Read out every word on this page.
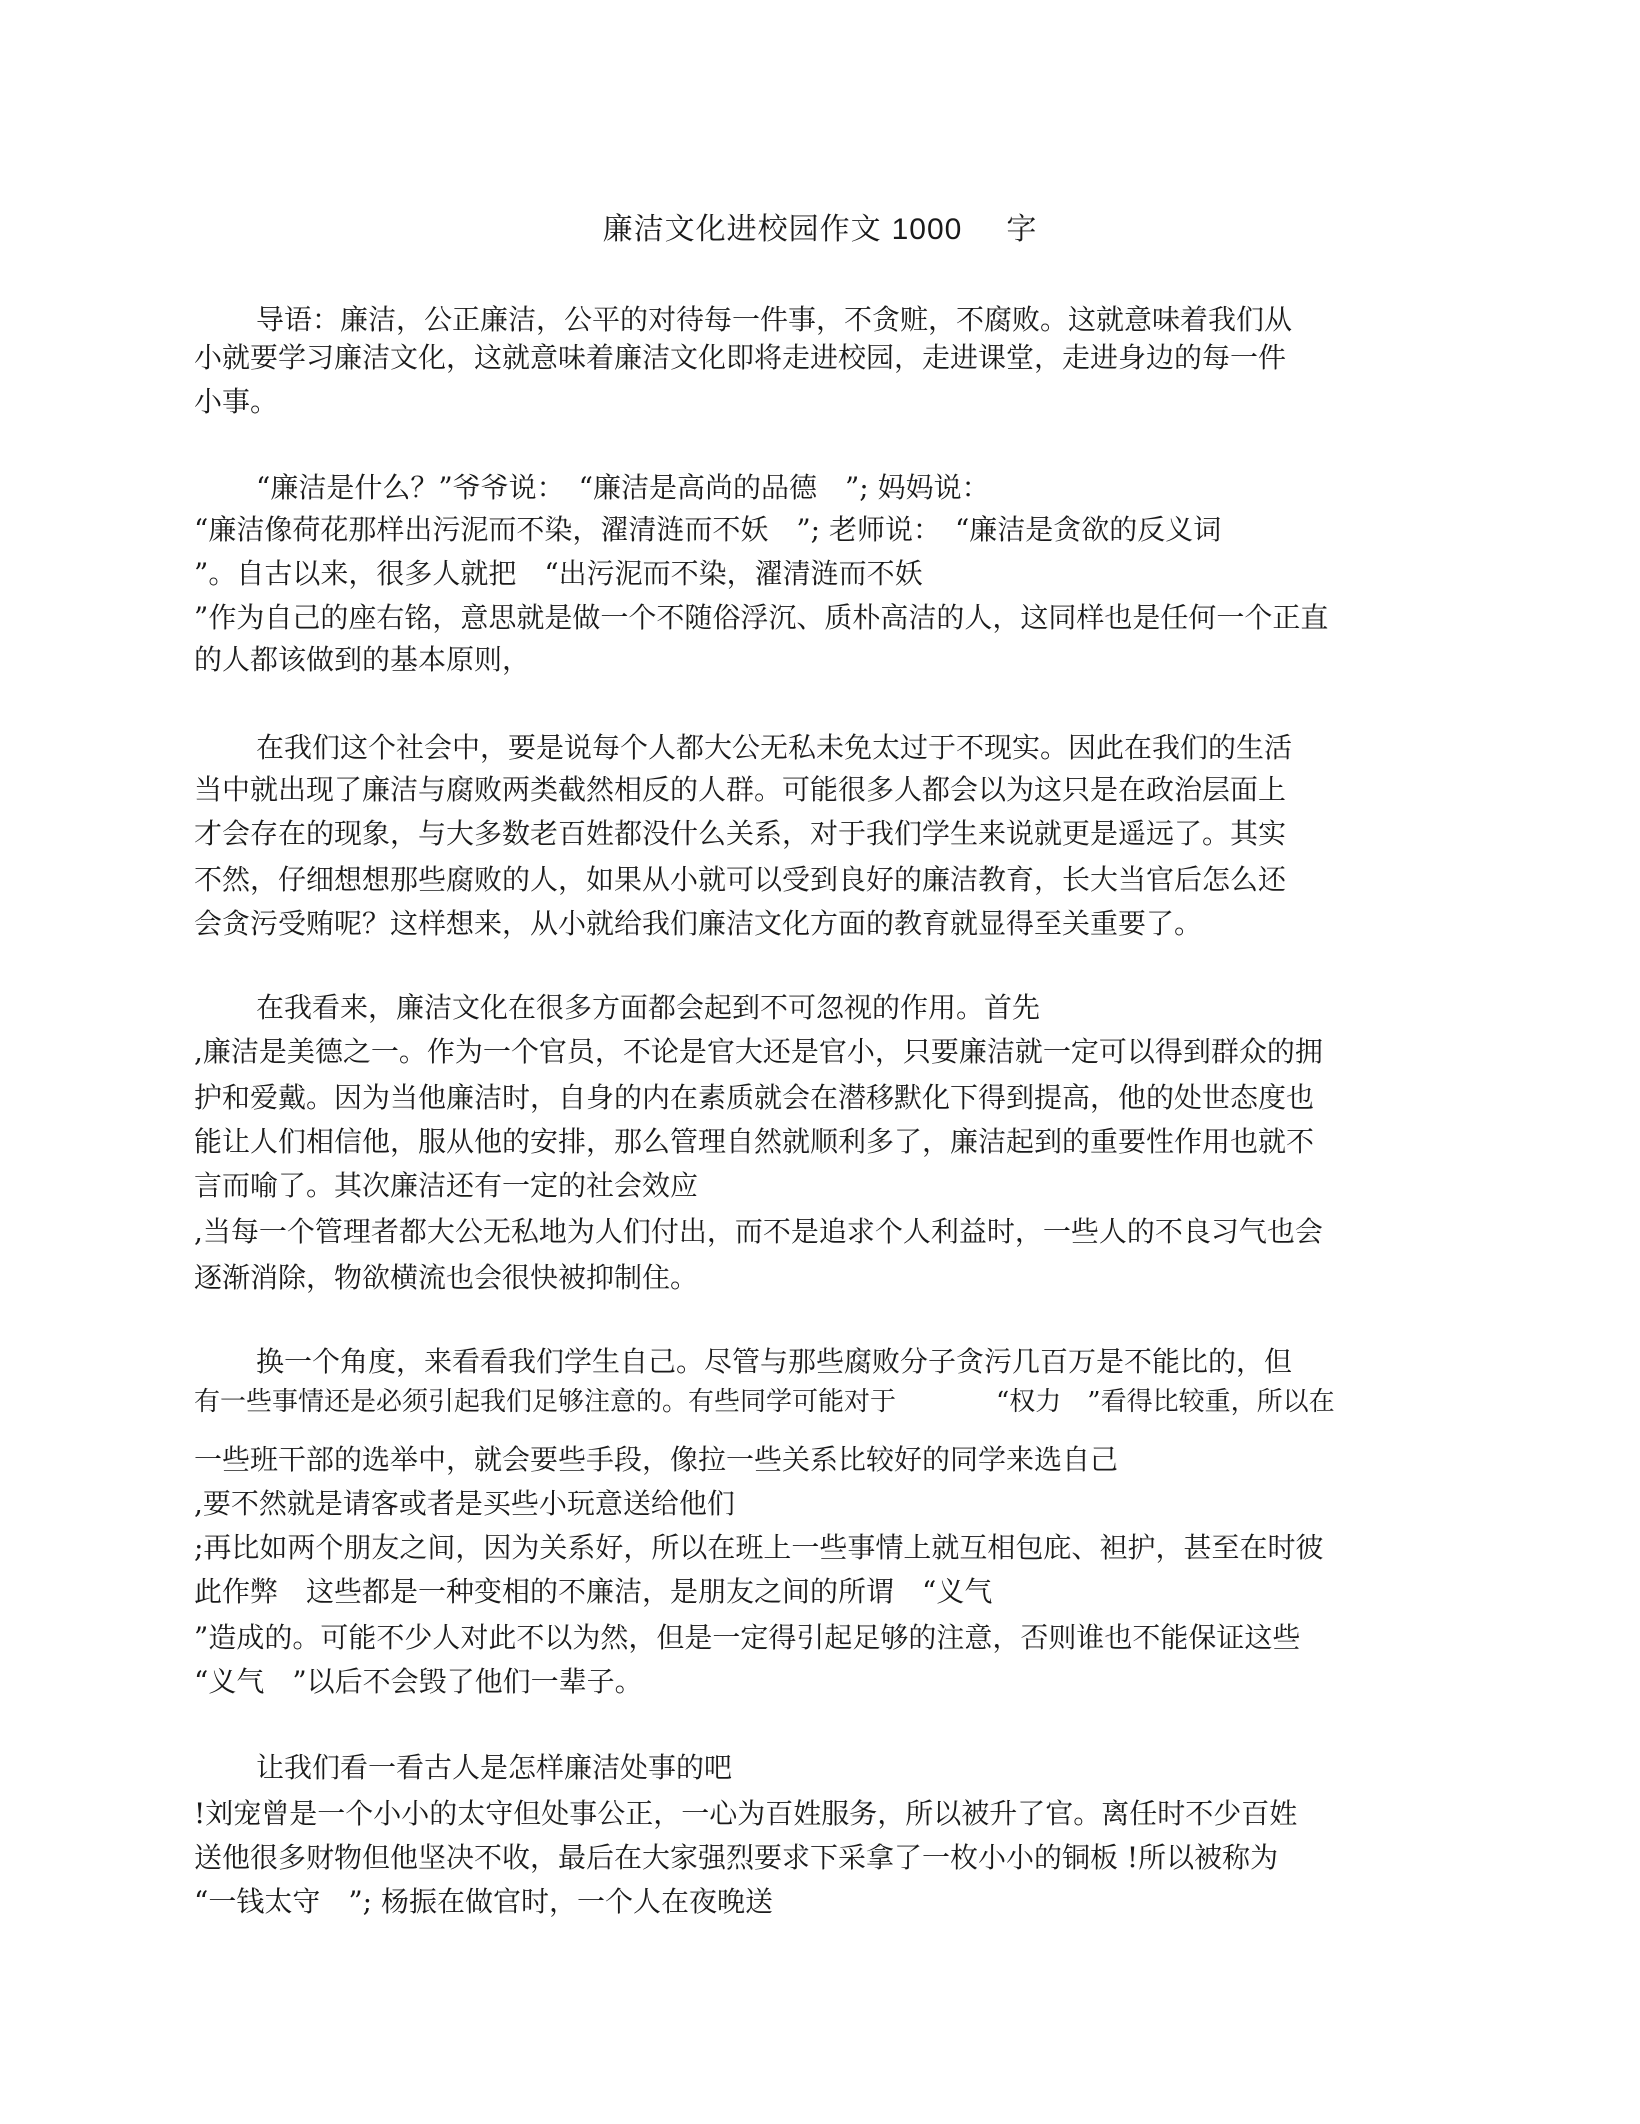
廉洁文化进校园作文 1000 字
导语：廉洁，公正廉洁，公平的对待每一件事，不贪赃，不腐败。这就意味着我们从
小就要学习廉洁文化，这就意味着廉洁文化即将走进校园，走进课堂，走进身边的每一件
小事。
“廉洁是什么？”爷爷说：　“廉洁是高尚的品德　”; 妈妈说：
“廉洁像荷花那样出污泥而不染，濯清涟而不妖　”; 老师说：　“廉洁是贪欲的反义词
”。自古以来，很多人就把　“出污泥而不染，濯清涟而不妖
”作为自己的座右铭，意思就是做一个不随俗浮沉、质朴高洁的人，这同样也是任何一个正直
的人都该做到的基本原则，
在我们这个社会中，要是说每个人都大公无私未免太过于不现实。因此在我们的生活
当中就出现了廉洁与腐败两类截然相反的人群。可能很多人都会以为这只是在政治层面上
才会存在的现象，与大多数老百姓都没什么关系，对于我们学生来说就更是遥远了。其实
不然，仔细想想那些腐败的人，如果从小就可以受到良好的廉洁教育，长大当官后怎么还
会贪污受贿呢？这样想来，从小就给我们廉洁文化方面的教育就显得至关重要了。
在我看来，廉洁文化在很多方面都会起到不可忽视的作用。首先
,廉洁是美德之一。作为一个官员，不论是官大还是官小，只要廉洁就一定可以得到群众的拥
护和爱戴。因为当他廉洁时，自身的内在素质就会在潜移默化下得到提高，他的处世态度也
能让人们相信他，服从他的安排，那么管理自然就顺利多了，廉洁起到的重要性作用也就不
言而喻了。其次廉洁还有一定的社会效应
,当每一个管理者都大公无私地为人们付出，而不是追求个人利益时，一些人的不良习气也会
逐渐消除，物欲横流也会很快被抑制住。
换一个角度，来看看我们学生自己。尽管与那些腐败分子贪污几百万是不能比的，但
有一些事情还是必须引起我们足够注意的。有些同学可能对于	“权力　”看得比较重，所以在
一些班干部的选举中，就会要些手段，像拉一些关系比较好的同学来选自己
,要不然就是请客或者是买些小玩意送给他们
;再比如两个朋友之间，因为关系好，所以在班上一些事情上就互相包庇、袒护，甚至在时彼
此作弊　这些都是一种变相的不廉洁，是朋友之间的所谓　“义气
”造成的。可能不少人对此不以为然，但是一定得引起足够的注意，否则谁也不能保证这些
“义气　”以后不会毁了他们一辈子。
让我们看一看古人是怎样廉洁处事的吧
!刘宠曾是一个小小的太守但处事公正，一心为百姓服务，所以被升了官。离任时不少百姓
送他很多财物但他坚决不收，最后在大家强烈要求下采拿了一枚小小的铜板 !所以被称为
“一钱太守　”; 杨振在做官时，一个人在夜晚送
